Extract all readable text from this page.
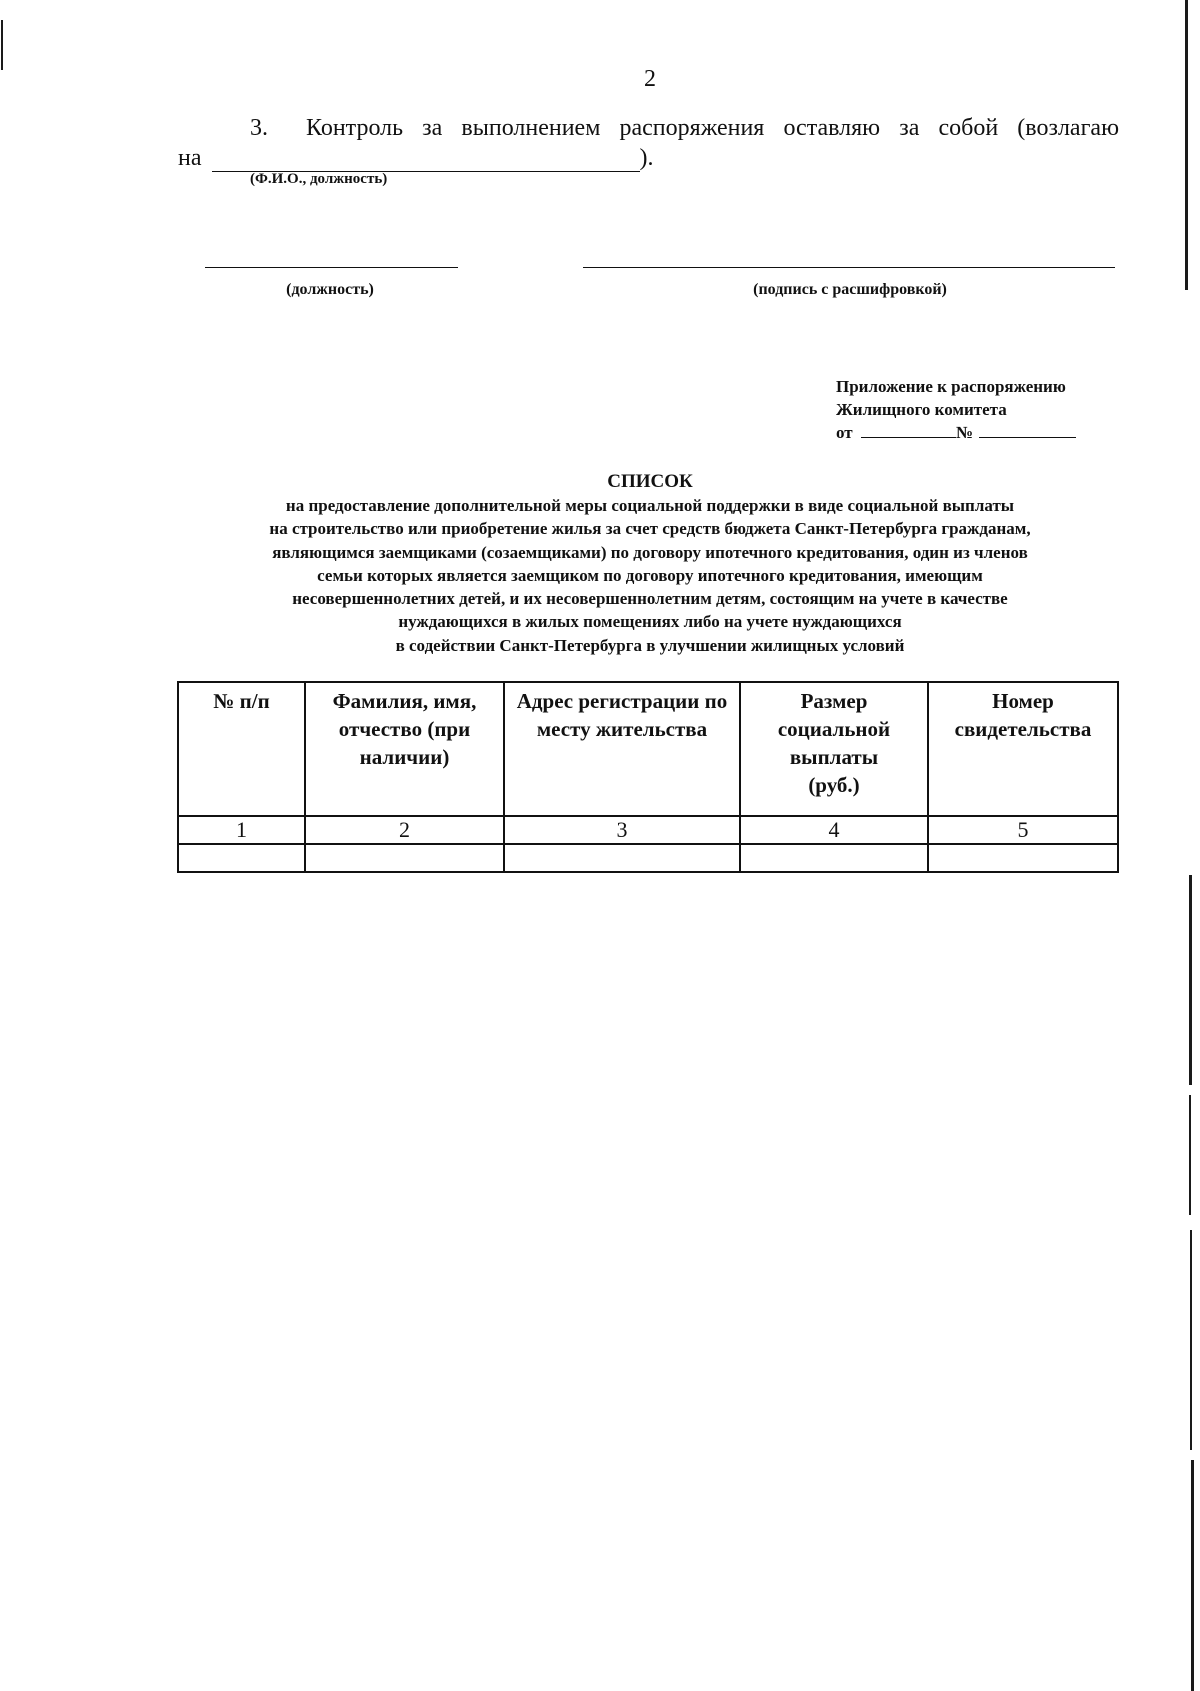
2
3. Контроль за выполнением распоряжения оставляю за собой (возлагаю
на	).
(Ф.И.О., должность)
(должность)	(подпись с расшифровкой)
Приложение к распоряжению
Жилищного комитета
от	№
СПИСОК
на предоставление дополнительной меры социальной поддержки в виде социальной выплаты
на строительство или приобретение жилья за счет средств бюджета Санкт-Петербурга гражданам,
являющимся заемщиками (созаемщиками) по договору ипотечного кредитования, один из членов
семьи которых является заемщиком по договору ипотечного кредитования, имеющим
несовершеннолетних детей, и их несовершеннолетним детям, состоящим на учете в качестве
нуждающихся в жилых помещениях либо на учете нуждающихся
в содействии Санкт-Петербурга в улучшении жилищных условий
№ п/п	Фамилия, имя, отчество (при наличии)	Адрес регистрации по месту жительства	Размер социальной выплаты (руб.)	Номер свидетельства
1	2	3	4	5
